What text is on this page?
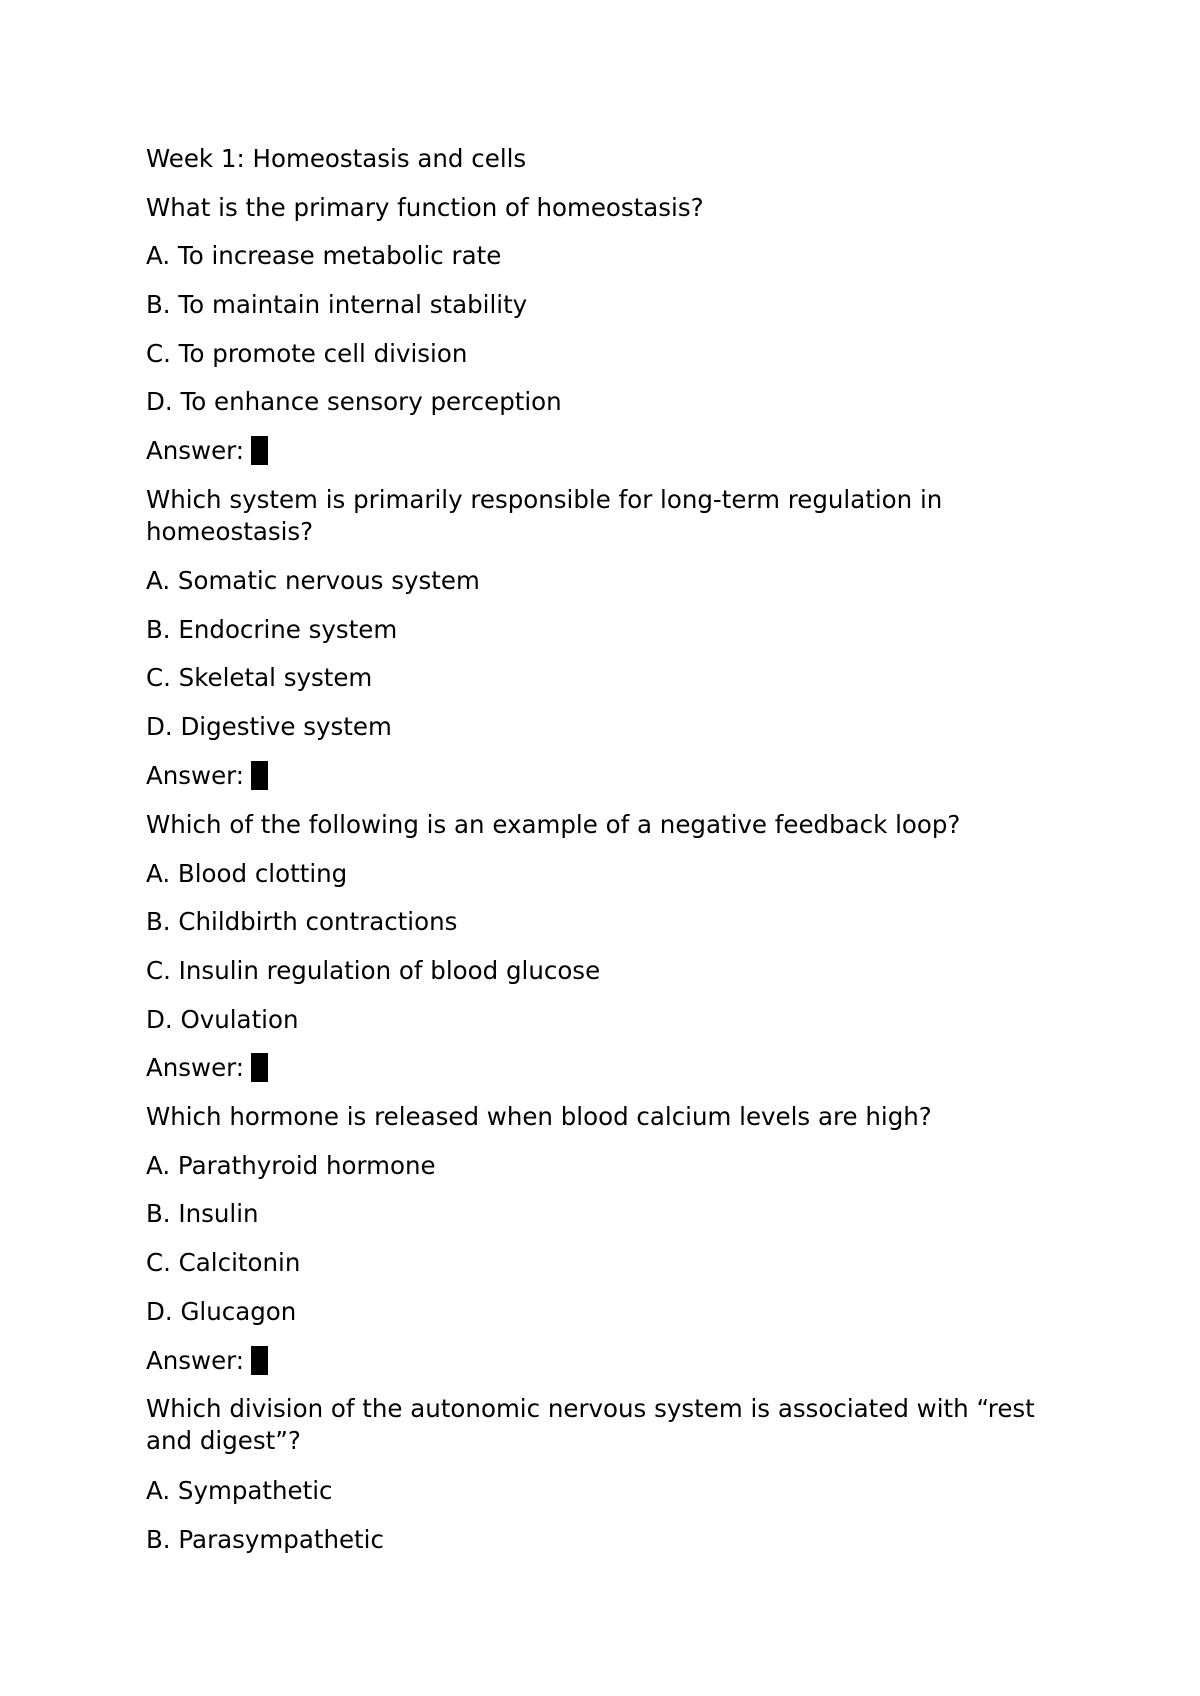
Week 1: Homeostasis and cells
What is the primary function of homeostasis?
A. To increase metabolic rate
B. To maintain internal stability
C. To promote cell division
D. To enhance sensory perception
Answer:
Which system is primarily responsible for long-term regulation in homeostasis?
A. Somatic nervous system
B. Endocrine system
C. Skeletal system
D. Digestive system
Answer:
Which of the following is an example of a negative feedback loop?
A. Blood clotting
B. Childbirth contractions
C. Insulin regulation of blood glucose
D. Ovulation
Answer:
Which hormone is released when blood calcium levels are high?
A. Parathyroid hormone
B. Insulin
C. Calcitonin
D. Glucagon
Answer:
Which division of the autonomic nervous system is associated with “rest and digest”?
A. Sympathetic
B. Parasympathetic
